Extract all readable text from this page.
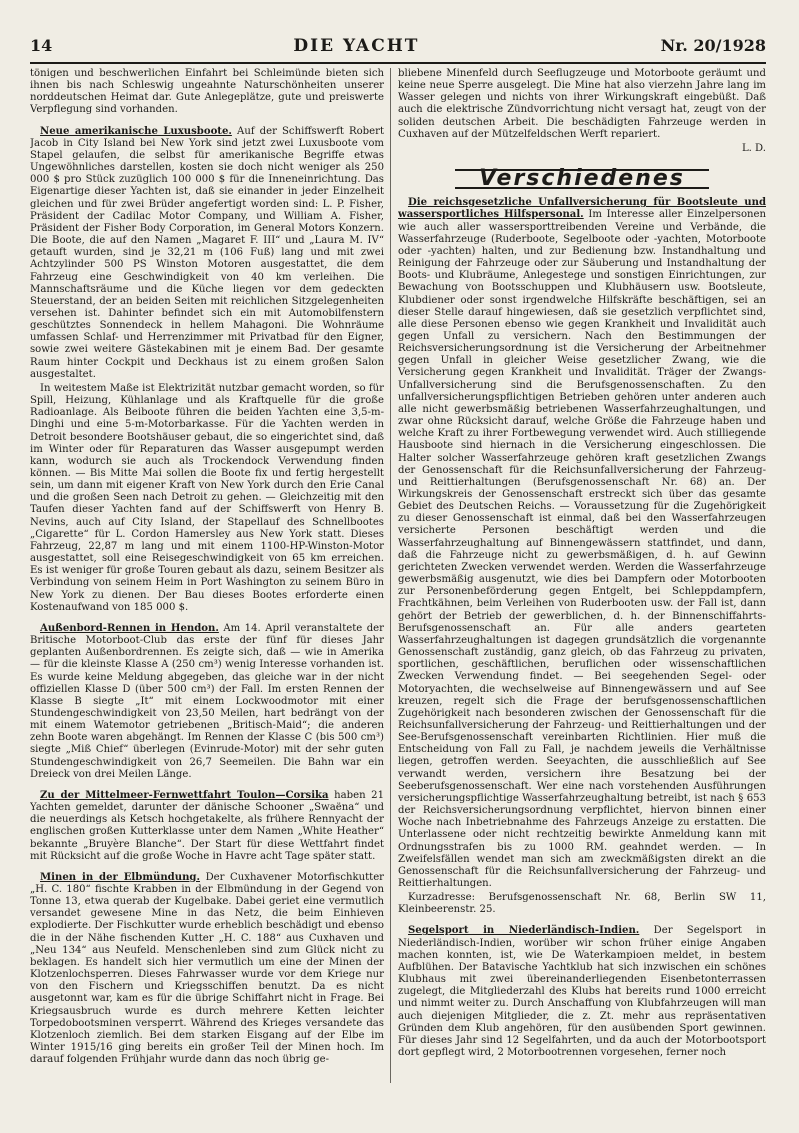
14	DIE YACHT	Nr. 20/1928

tönigen und beschwerlichen Einfahrt bei Schleimünde bieten sich ihnen bis nach Schleswig ungeahnte Naturschönheiten unserer norddeutschen Heimat dar. Gute Anlegeplätze, gute und preiswerte Verpflegung sind vorhanden.

Neue amerikanische Luxusboote. Auf der Schiffswerft Robert Jacob in City Island bei New York sind jetzt zwei Luxusboote vom Stapel gelaufen, die selbst für amerikanische Begriffe etwas Ungewöhnliches darstellen, kosten sie doch nicht weniger als 250 000 $ pro Stück zuzüglich 100 000 $ für die Inneneinrichtung. Das Eigenartige dieser Yachten ist, daß sie einander in jeder Einzelheit gleichen und für zwei Brüder angefertigt worden sind: L. P. Fisher, Präsident der Cadilac Motor Company, und William A. Fisher, Präsident der Fisher Body Corporation, im General Motors Konzern. Die Boote, die auf den Namen „Magaret F. III“ und „Laura M. IV“ getauft wurden, sind je 32,21 m (106 Fuß) lang und mit zwei Achtzylinder 500 PS Winston Motoren ausgestattet, die dem Fahrzeug eine Geschwindigkeit von 40 km verleihen. Die Mannschaftsräume und die Küche liegen vor dem gedeckten Steuerstand, der an beiden Seiten mit reichlichen Sitzgelegenheiten versehen ist. Dahinter befindet sich ein mit Automobilfenstern geschütztes Sonnendeck in hellem Mahagoni. Die Wohnräume umfassen Schlaf- und Herrenzimmer mit Privatbad für den Eigner, sowie zwei weitere Gästekabinen mit je einem Bad. Der gesamte Raum hinter Cockpit und Deckhaus ist zu einem großen Salon ausgestaltet.

In weitestem Maße ist Elektrizität nutzbar gemacht worden, so für Spill, Heizung, Kühlanlage und als Kraftquelle für die große Radioanlage. Als Beiboote führen die beiden Yachten eine 3,5-m-Dinghi und eine 5-m-Motorbarkasse. Für die Yachten werden in Detroit besondere Bootshäuser gebaut, die so eingerichtet sind, daß im Winter oder für Reparaturen das Wasser ausgepumpt werden kann, wodurch sie auch als Trockendock Verwendung finden können. — Bis Mitte Mai sollen die Boote fix und fertig hergestellt sein, um dann mit eigener Kraft von New York durch den Erie Canal und die großen Seen nach Detroit zu gehen. — Gleichzeitig mit den Taufen dieser Yachten fand auf der Schiffswerft von Henry B. Nevins, auch auf City Island, der Stapellauf des Schnellbootes „Cigarette“ für L. Cordon Hamersley aus New York statt. Dieses Fahrzeug, 22,87 m lang und mit einem 1100-HP-Winston-Motor ausgestattet, soll eine Reisegeschwindigkeit von 65 km erreichen. Es ist weniger für große Touren gebaut als dazu, seinem Besitzer als Verbindung von seinem Heim in Port Washington zu seinem Büro in New York zu dienen. Der Bau dieses Bootes erforderte einen Kostenaufwand von 185 000 $.

Außenbord-Rennen in Hendon. Am 14. April veranstaltete der Britische Motorboot-Club das erste der fünf für dieses Jahr geplanten Außenbordrennen. Es zeigte sich, daß — wie in Amerika — für die kleinste Klasse A (250 cm³) wenig Interesse vorhanden ist. Es wurde keine Meldung abgegeben, das gleiche war in der nicht offiziellen Klasse D (über 500 cm³) der Fall. Im ersten Rennen der Klasse B siegte „It“ mit einem Lockwoodmotor mit einer Stundengeschwindigkeit von 23,50 Meilen, hart bedrängt von der mit einem Watemotor getriebenen „Britisch-Maid“; die anderen zehn Boote waren abgehängt. Im Rennen der Klasse C (bis 500 cm³) siegte „Miß Chief“ überlegen (Evinrude-Motor) mit der sehr guten Stundengeschwindigkeit von 26,7 Seemeilen. Die Bahn war ein Dreieck von drei Meilen Länge.

Zu der Mittelmeer-Fernwettfahrt Toulon—Corsika haben 21 Yachten gemeldet, darunter der dänische Schooner „Swaëna“ und die neuerdings als Ketsch hochgetakelte, als frühere Rennyacht der englischen großen Kutterklasse unter dem Namen „White Heather“ bekannte „Bruyère Blanche“. Der Start für diese Wettfahrt findet mit Rücksicht auf die große Woche in Havre acht Tage später statt.

Minen in der Elbmündung. Der Cuxhavener Motorfischkutter „H. C. 180“ fischte Krabben in der Elbmündung in der Gegend von Tonne 13, etwa querab der Kugelbake. Dabei geriet eine vermutlich versandet gewesene Mine in das Netz, die beim Einhieven explodierte. Der Fischkutter wurde erheblich beschädigt und ebenso die in der Nähe fischenden Kutter „H. C. 188“ aus Cuxhaven und „Neu 134“ aus Neufeld. Menschenleben sind zum Glück nicht zu beklagen. Es handelt sich hier vermutlich um eine der Minen der Klotzenlochsperren. Dieses Fahrwasser wurde vor dem Kriege nur von den Fischern und Kriegsschiffen benutzt. Da es nicht ausgetonnt war, kam es für die übrige Schiffahrt nicht in Frage. Bei Kriegsausbruch wurde es durch mehrere Ketten leichter Torpedobootsminen versperrt. Während des Krieges versandete das Klotzenloch ziemlich. Bei dem starken Eisgang auf der Elbe im Winter 1915/16 ging bereits ein großer Teil der Minen hoch. Im darauf folgenden Frühjahr wurde dann das noch übrig ge-

bliebene Minenfeld durch Seeflugzeuge und Motorboote geräumt und keine neue Sperre ausgelegt. Die Mine hat also vierzehn Jahre lang im Wasser gelegen und nichts von ihrer Wirkungskraft eingebüßt. Daß auch die elektrische Zündvorrichtung nicht versagt hat, zeugt von der soliden deutschen Arbeit. Die beschädigten Fahrzeuge werden in Cuxhaven auf der Mützelfeldschen Werft repariert.

L. D.

Verschiedenes

Die reichsgesetzliche Unfallversicherung für Bootsleute und wassersportliches Hilfspersonal. Im Interesse aller Einzelpersonen wie auch aller wassersporttreibenden Vereine und Verbände, die Wasserfahrzeuge (Ruderboote, Segelboote oder -yachten, Motorboote oder -yachten) halten, und zur Bedienung bzw. Instandhaltung und Reinigung der Fahrzeuge oder zur Säuberung und Instandhaltung der Boots- und Klubräume, Anlegestege und sonstigen Einrichtungen, zur Bewachung von Bootsschuppen und Klubhäusern usw. Bootsleute, Klubdiener oder sonst irgendwelche Hilfskräfte beschäftigen, sei an dieser Stelle darauf hingewiesen, daß sie gesetzlich verpflichtet sind, alle diese Personen ebenso wie gegen Krankheit und Invalidität auch gegen Unfall zu versichern. Nach den Bestimmungen der Reichsversicherungsordnung ist die Versicherung der Arbeitnehmer gegen Unfall in gleicher Weise gesetzlicher Zwang, wie die Versicherung gegen Krankheit und Invalidität. Träger der Zwangs-Unfallversicherung sind die Berufsgenossenschaften. Zu den unfallversicherungspflichtigen Betrieben gehören unter anderen auch alle nicht gewerbsmäßig betriebenen Wasserfahrzeughaltungen, und zwar ohne Rücksicht darauf, welche Größe die Fahrzeuge haben und welche Kraft zu ihrer Fortbewegung verwendet wird. Auch stilliegende Hausboote sind hiernach in die Versicherung eingeschlossen. Die Halter solcher Wasserfahrzeuge gehören kraft gesetzlichen Zwangs der Genossenschaft für die Reichsunfallversicherung der Fahrzeug- und Reittierhaltungen (Berufsgenossenschaft Nr. 68) an. Der Wirkungskreis der Genossenschaft erstreckt sich über das gesamte Gebiet des Deutschen Reichs. — Voraussetzung für die Zugehörigkeit zu dieser Genossenschaft ist einmal, daß bei den Wasserfahrzeugen versicherte Personen beschäftigt werden und die Wasserfahrzeughaltung auf Binnengewässern stattfindet, und dann, daß die Fahrzeuge nicht zu gewerbsmäßigen, d. h. auf Gewinn gerichteten Zwecken verwendet werden. Werden die Wasserfahrzeuge gewerbsmäßig ausgenutzt, wie dies bei Dampfern oder Motorbooten zur Personenbeförderung gegen Entgelt, bei Schleppdampfern, Frachtkähnen, beim Verleihen von Ruderbooten usw. der Fall ist, dann gehört der Betrieb der gewerblichen, d. h. der Binnenschiffahrts-Berufsgenossenschaft an. Für alle anders gearteten Wasserfahrzeughaltungen ist dagegen grundsätzlich die vorgenannte Genossenschaft zuständig, ganz gleich, ob das Fahrzeug zu privaten, sportlichen, geschäftlichen, beruflichen oder wissenschaftlichen Zwecken Verwendung findet. — Bei seegehenden Segel- oder Motoryachten, die wechselweise auf Binnengewässern und auf See kreuzen, regelt sich die Frage der berufsgenossenschaftlichen Zugehörigkeit nach besonderen zwischen der Genossenschaft für die Reichsunfallversicherung der Fahrzeug- und Reittierhaltungen und der See-Berufsgenossenschaft vereinbarten Richtlinien. Hier muß die Entscheidung von Fall zu Fall, je nachdem jeweils die Verhältnisse liegen, getroffen werden. Seeyachten, die ausschließlich auf See verwandt werden, versichern ihre Besatzung bei der Seeberufsgenossenschaft. Wer eine nach vorstehenden Ausführungen versicherungspflichtige Wasserfahrzeughaltung betreibt, ist nach § 653 der Reichsversicherungsordnung verpflichtet, hiervon binnen einer Woche nach Inbetriebnahme des Fahrzeugs Anzeige zu erstatten. Die Unterlassene oder nicht rechtzeitig bewirkte Anmeldung kann mit Ordnungsstrafen bis zu 1000 RM. geahndet werden. — In Zweifelsfällen wendet man sich am zweckmäßigsten direkt an die Genossenschaft für die Reichsunfallversicherung der Fahrzeug- und Reittierhaltungen.

Kurzadresse: Berufsgenossenschaft Nr. 68, Berlin SW 11, Kleinbeerenstr. 25.

Segelsport in Niederländisch-Indien. Der Segelsport in Niederländisch-Indien, worüber wir schon früher einige Angaben machen konnten, ist, wie De Waterkampioen meldet, in bestem Aufblühen. Der Batavische Yachtklub hat sich inzwischen ein schönes Klubhaus mit zwei übereinanderliegenden Eisenbetonterrassen zugelegt, die Mitgliederzahl des Klubs hat bereits rund 1000 erreicht und nimmt weiter zu. Durch Anschaffung von Klubfahrzeugen will man auch diejenigen Mitglieder, die z. Zt. mehr aus repräsentativen Gründen dem Klub angehören, für den ausübenden Sport gewinnen. Für dieses Jahr sind 12 Segelfahrten, und da auch der Motorbootsport dort gepflegt wird, 2 Motorbootrennen vorgesehen, ferner noch
